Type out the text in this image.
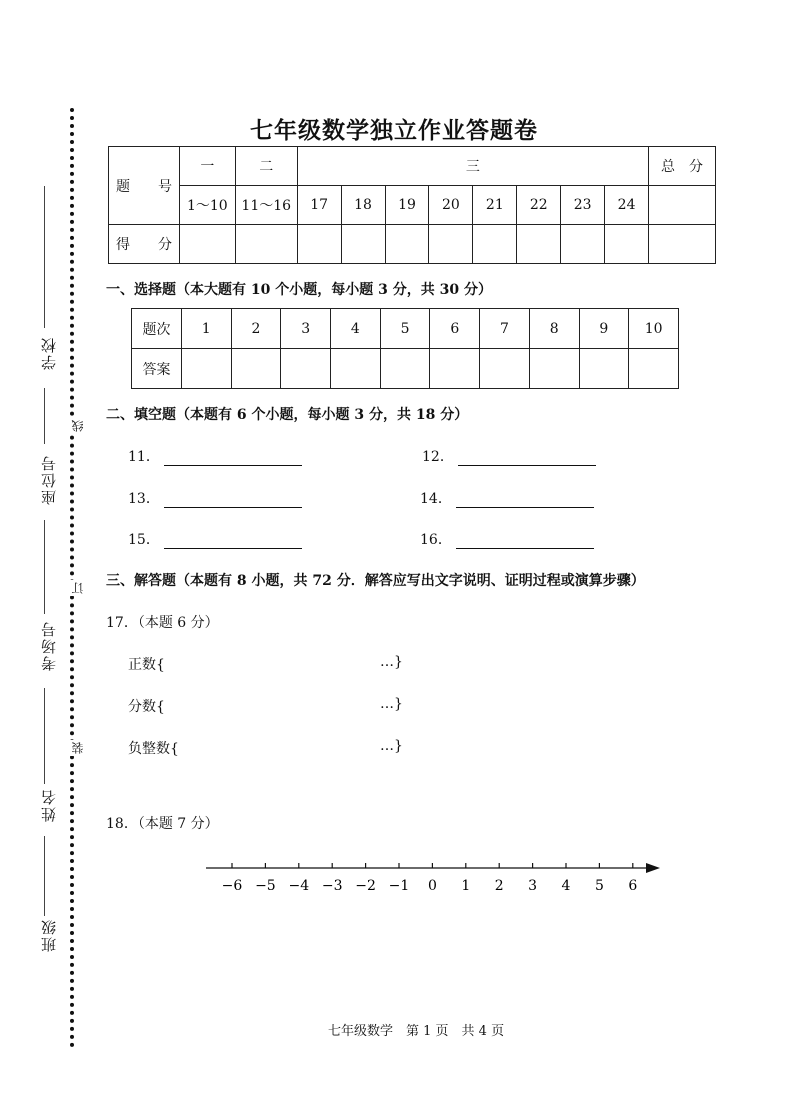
学校
座位号
考场号
姓名
班级
线
订
装
七年级数学独立作业答题卷
题　　号	一	二	三								总　分
	1～10	11～16	17	18	19	20	21	22	23	24	
得　　分											
一、选择题（本大题有 10 个小题，每小题 3 分，共 30 分）
题次	1	2	3	4	5	6	7	8	9	10
答案										
二、填空题（本题有 6 个小题，每小题 3 分，共 18 分）
11．	12．
13．	14．
15．	16．
三、解答题（本题有 8 小题，共 72 分．解答应写出文字说明、证明过程或演算步骤）
17．（本题 6 分）
正数{	…}
分数{	…}
负整数{	…}
18．（本题 7 分）
−6 −5 −4 −3 −2 −1 0 1 2 3 4 5 6
七年级数学　第 1 页　共 4 页
